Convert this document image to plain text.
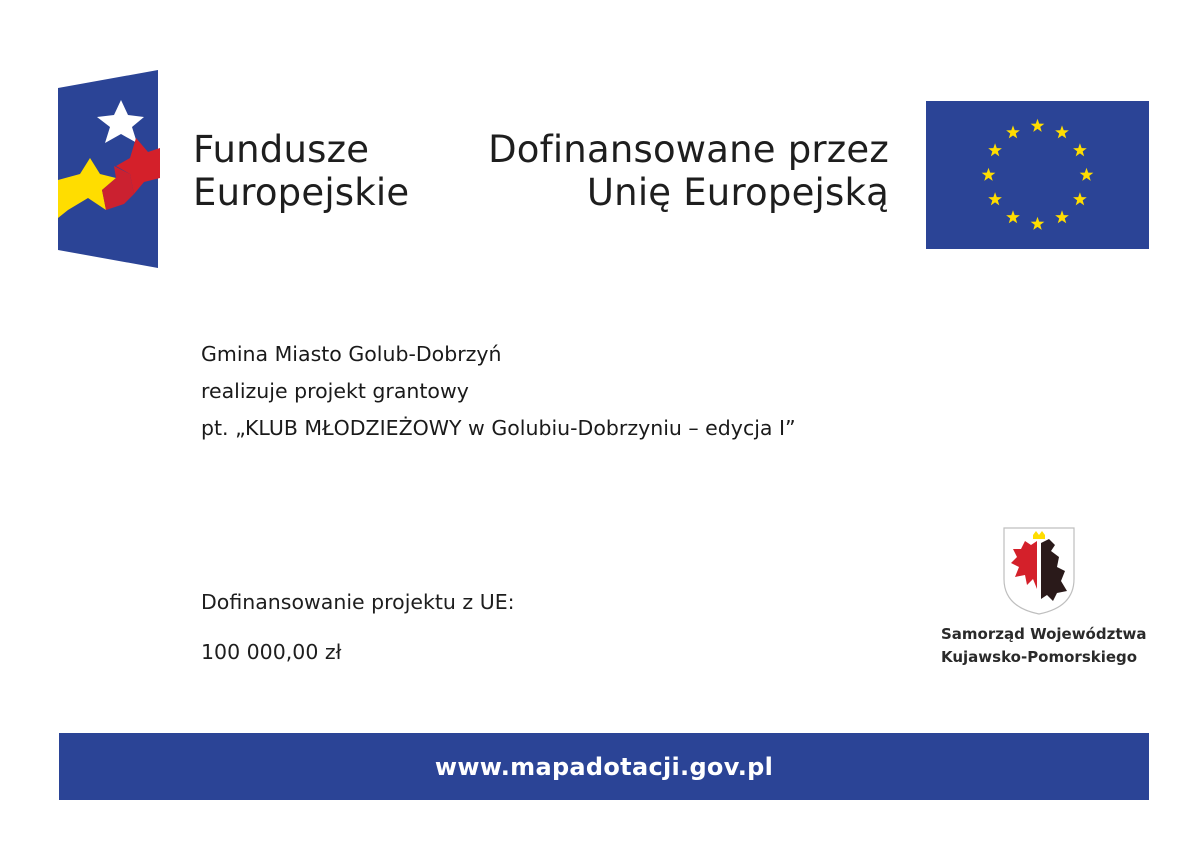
Fundusze
Europejskie
Dofinansowane przez
Unię Europejską
Gmina Miasto Golub-Dobrzyń
realizuje projekt grantowy
pt. „KLUB MŁODZIEŻOWY w Golubiu-Dobrzyniu – edycja I”
Dofinansowanie projektu z UE:
100 000,00 zł
Samorząd Województwa
Kujawsko-Pomorskiego
www.mapadotacji.gov.pl
